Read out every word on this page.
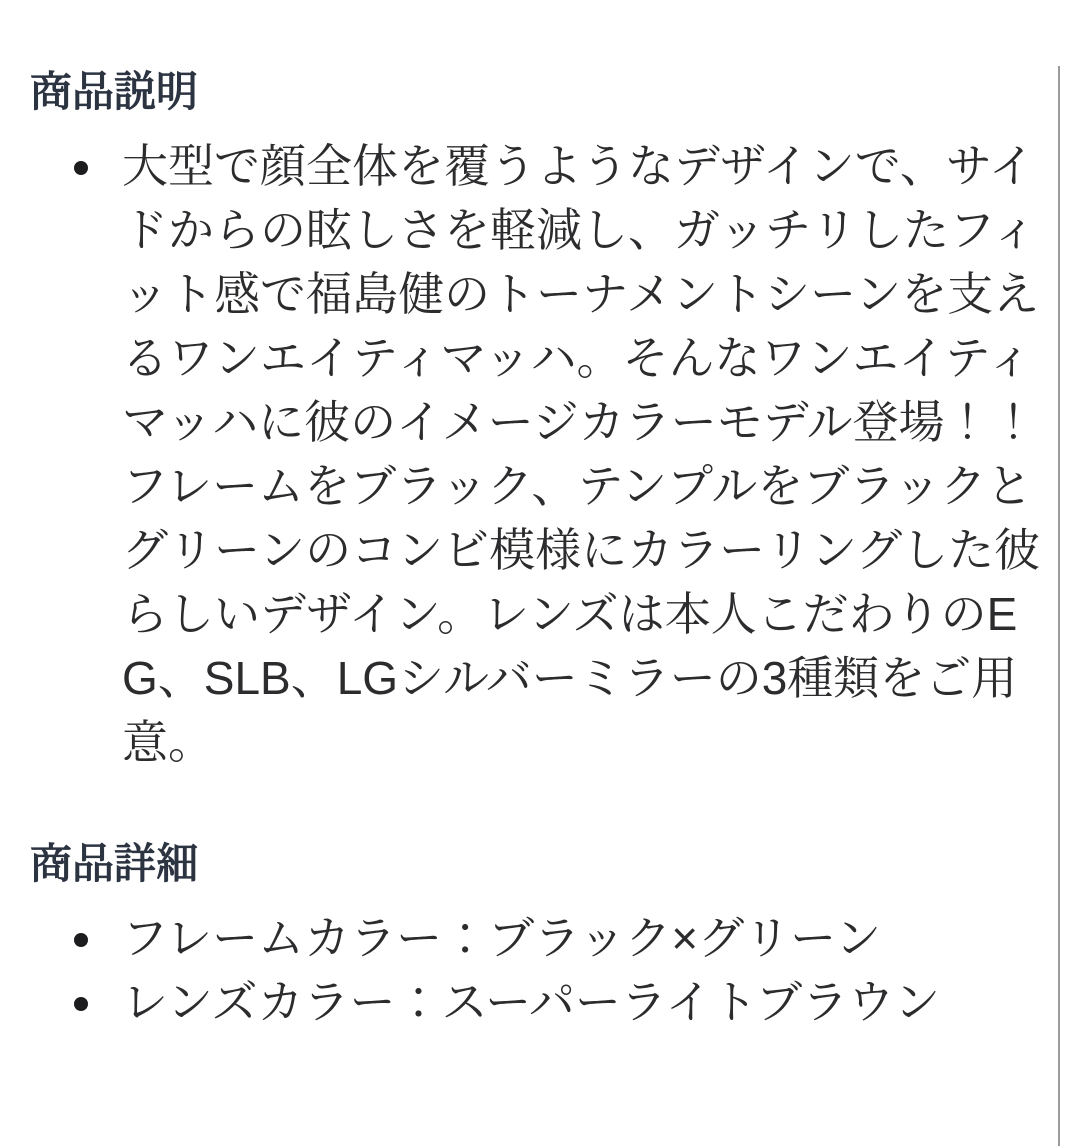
商品説明
大型で顔全体を覆うようなデザインで、サイドからの眩しさを軽減し、ガッチリしたフィット感で福島健のトーナメントシーンを支えるワンエイティマッハ。そんなワンエイティマッハに彼のイメージカラーモデル登場！！フレームをブラック、テンプルをブラックとグリーンのコンビ模様にカラーリングした彼らしいデザイン。レンズは本人こだわりのEG、SLB、LGシルバーミラーの3種類をご用意。
商品詳細
フレームカラー：ブラック×グリーン
レンズカラー：スーパーライトブラウン
